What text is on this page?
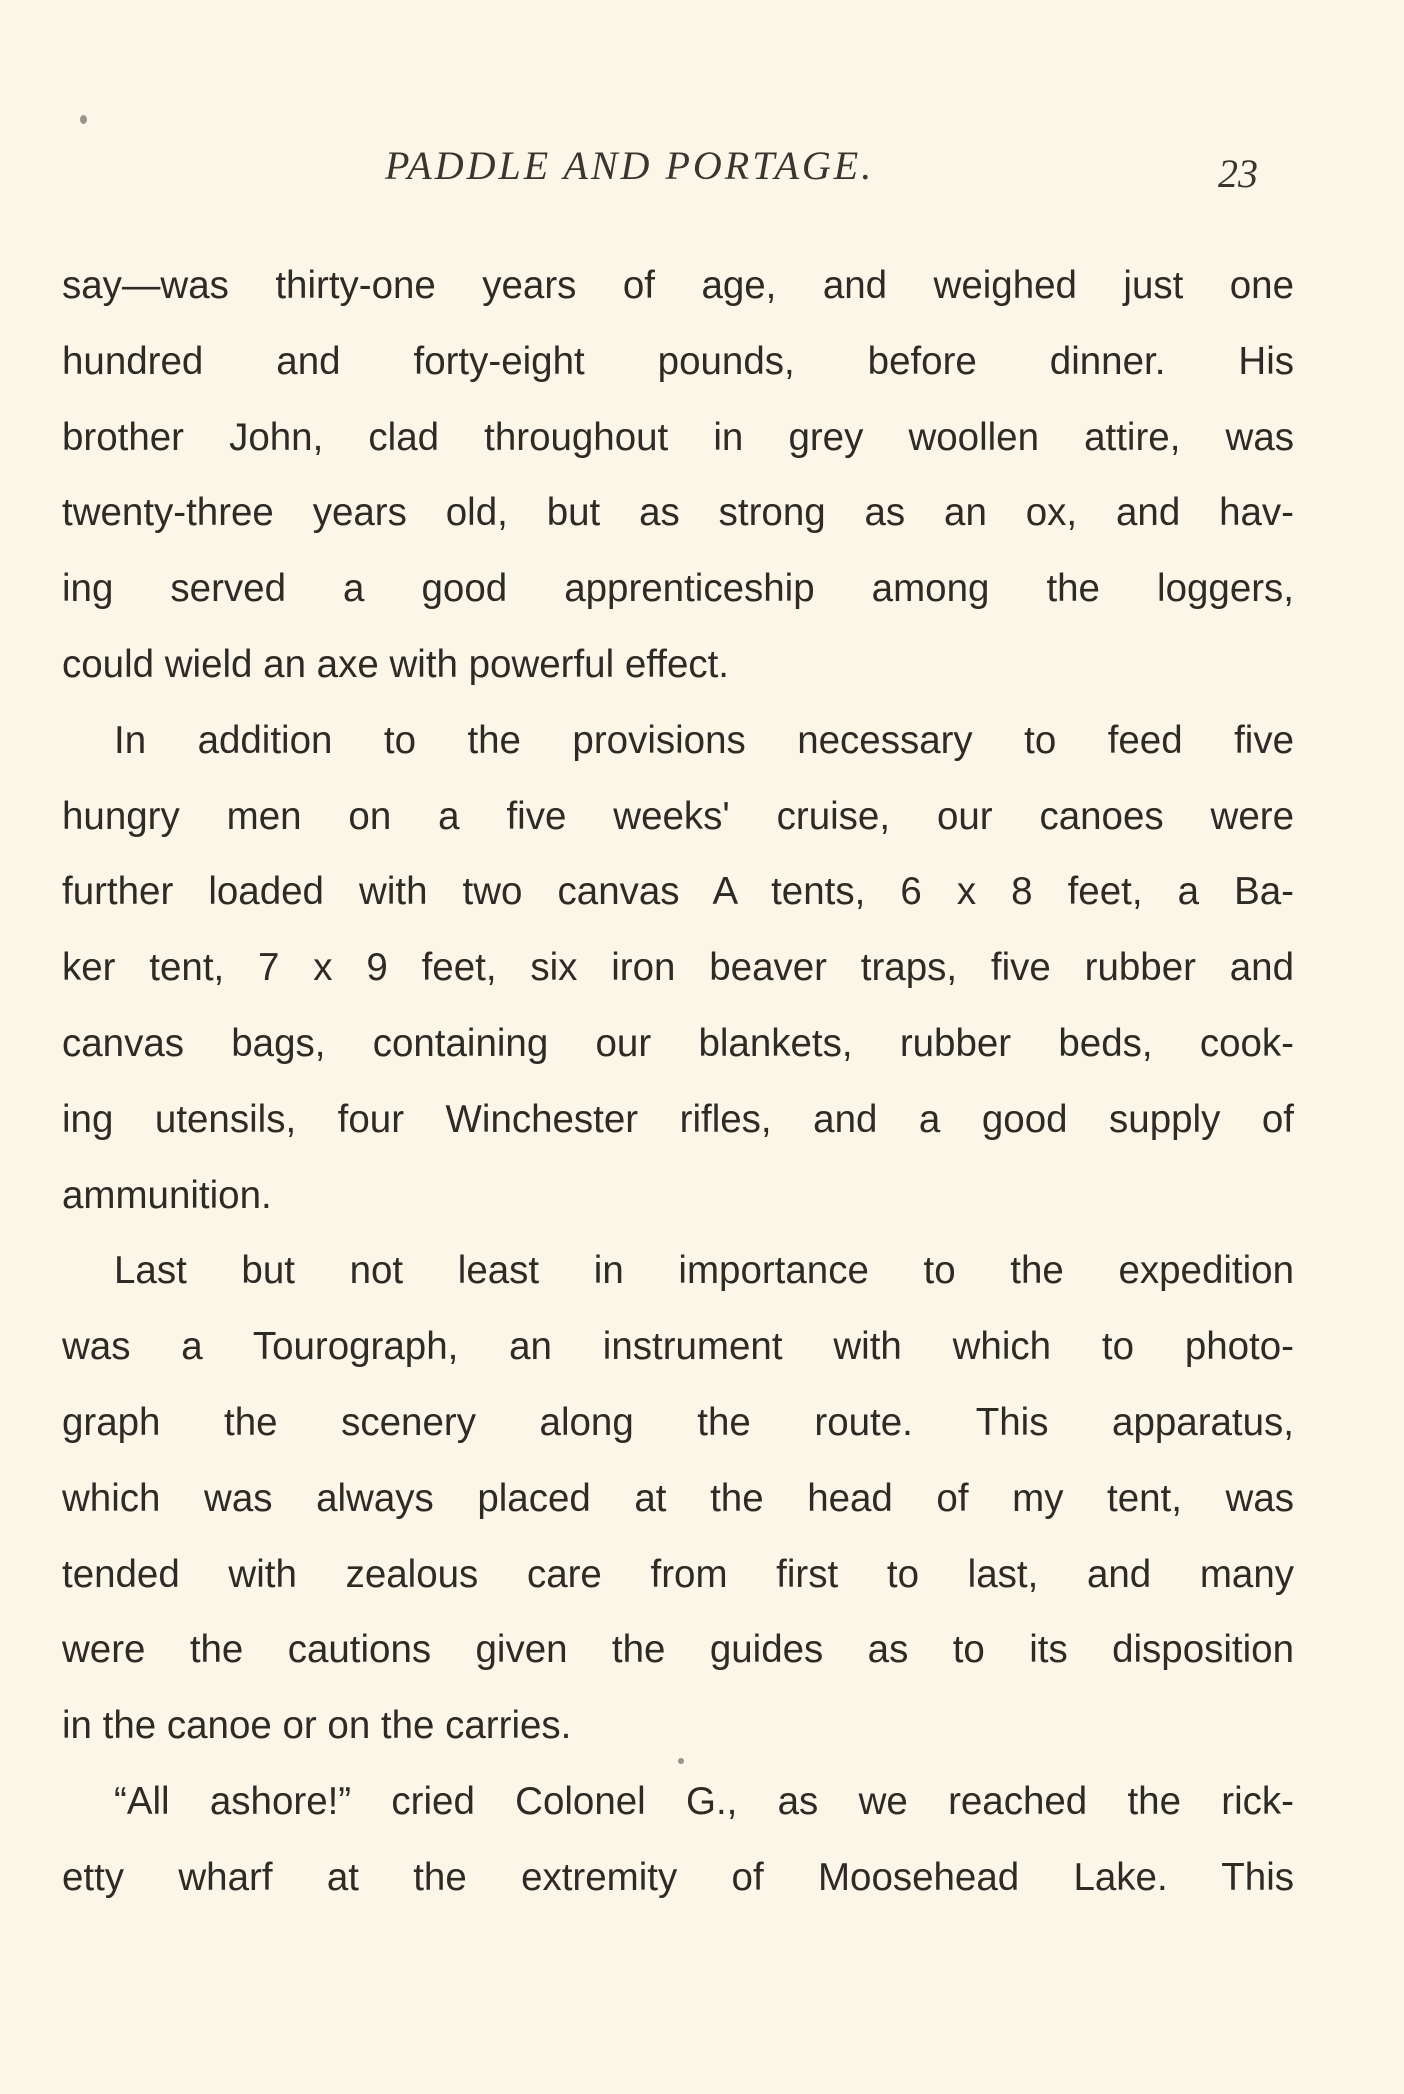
PADDLE AND PORTAGE.	23
say—was thirty-one years of age, and weighed just one
hundred and forty-eight pounds, before dinner. His
brother John, clad throughout in grey woollen attire, was
twenty-three years old, but as strong as an ox, and hav-
ing served a good apprenticeship among the loggers,
could wield an axe with powerful effect.
In addition to the provisions necessary to feed five
hungry men on a five weeks' cruise, our canoes were
further loaded with two canvas A tents, 6 x 8 feet, a Ba-
ker tent, 7 x 9 feet, six iron beaver traps, five rubber and
canvas bags, containing our blankets, rubber beds, cook-
ing utensils, four Winchester rifles, and a good supply of
ammunition.
Last but not least in importance to the expedition
was a Tourograph, an instrument with which to photo-
graph the scenery along the route. This apparatus,
which was always placed at the head of my tent, was
tended with zealous care from first to last, and many
were the cautions given the guides as to its disposition
in the canoe or on the carries.
“All ashore!” cried Colonel G., as we reached the rick-
etty wharf at the extremity of Moosehead Lake. This
